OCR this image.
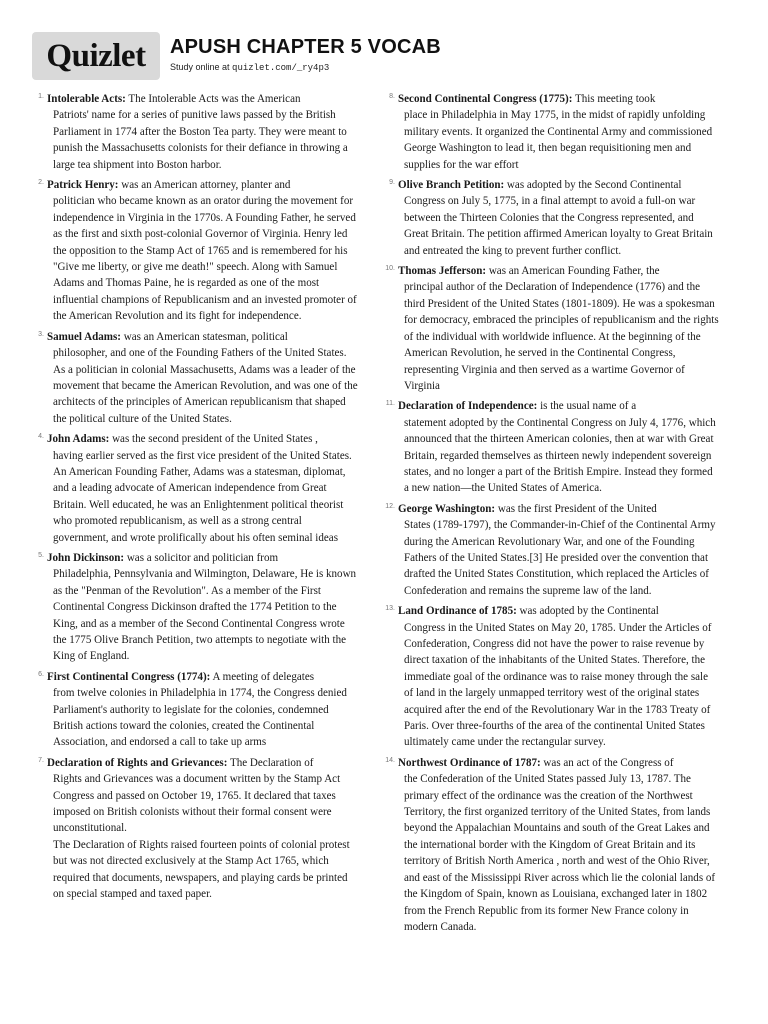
Quizlet APUSH CHAPTER 5 VOCAB
Study online at quizlet.com/_ry4p3
1. Intolerable Acts: The Intolerable Acts was the American
Patriots' name for a series of punitive laws passed by the British Parliament in 1774 after the Boston Tea party. They were meant to punish the Massachusetts colonists for their defiance in throwing a large tea shipment into Boston harbor.
2. Patrick Henry: was an American attorney, planter and
politician who became known as an orator during the movement for independence in Virginia in the 1770s. A Founding Father, he served as the first and sixth post-colonial Governor of Virginia. Henry led the opposition to the Stamp Act of 1765 and is remembered for his "Give me liberty, or give me death!" speech. Along with Samuel Adams and Thomas Paine, he is regarded as one of the most influential champions of Republicanism and an invested promoter of the American Revolution and its fight for independence.
3. Samuel Adams: was an American statesman, political
philosopher, and one of the Founding Fathers of the United States. As a politician in colonial Massachusetts, Adams was a leader of the movement that became the American Revolution, and was one of the architects of the principles of American republicanism that shaped the political culture of the United States.
4. John Adams: was the second president of the United States ,
having earlier served as the first vice president of the United States. An American Founding Father, Adams was a statesman, diplomat, and a leading advocate of American independence from Great Britain. Well educated, he was an Enlightenment political theorist who promoted republicanism, as well as a strong central government, and wrote prolifically about his often seminal ideas
5. John Dickinson: was a solicitor and politician from
Philadelphia, Pennsylvania and Wilmington, Delaware, He is known as the "Penman of the Revolution". As a member of the First Continental Congress Dickinson drafted the 1774 Petition to the King, and as a member of the Second Continental Congress wrote the 1775 Olive Branch Petition, two attempts to negotiate with the King of England.
6. First Continental Congress (1774): A meeting of delegates
from twelve colonies in Philadelphia in 1774, the Congress denied Parliament's authority to legislate for the colonies, condemned British actions toward the colonies, created the Continental Association, and endorsed a call to take up arms
7. Declaration of Rights and Grievances: The Declaration of
Rights and Grievances was a document written by the Stamp Act Congress and passed on October 19, 1765. It declared that taxes imposed on British colonists without their formal consent were unconstitutional.
The Declaration of Rights raised fourteen points of colonial protest but was not directed exclusively at the Stamp Act 1765, which required that documents, newspapers, and playing cards be printed on special stamped and taxed paper.
8. Second Continental Congress (1775): This meeting took
place in Philadelphia in May 1775, in the midst of rapidly unfolding military events. It organized the Continental Army and commissioned George Washington to lead it, then began requisitioning men and supplies for the war effort
9. Olive Branch Petition: was adopted by the Second Continental
Congress on July 5, 1775, in a final attempt to avoid a full-on war between the Thirteen Colonies that the Congress represented, and Great Britain. The petition affirmed American loyalty to Great Britain and entreated the king to prevent further conflict.
10. Thomas Jefferson: was an American Founding Father, the
principal author of the Declaration of Independence (1776) and the third President of the United States (1801-1809). He was a spokesman for democracy, embraced the principles of republicanism and the rights of the individual with worldwide influence. At the beginning of the American Revolution, he served in the Continental Congress, representing Virginia and then served as a wartime Governor of Virginia
11. Declaration of Independence: is the usual name of a
statement adopted by the Continental Congress on July 4, 1776, which announced that the thirteen American colonies, then at war with Great Britain, regarded themselves as thirteen newly independent sovereign states, and no longer a part of the British Empire. Instead they formed a new nation—the United States of America.
12. George Washington: was the first President of the United
States (1789-1797), the Commander-in-Chief of the Continental Army during the American Revolutionary War, and one of the Founding Fathers of the United States.[3] He presided over the convention that drafted the United States Constitution, which replaced the Articles of Confederation and remains the supreme law of the land.
13. Land Ordinance of 1785: was adopted by the Continental
Congress in the United States on May 20, 1785. Under the Articles of Confederation, Congress did not have the power to raise revenue by direct taxation of the inhabitants of the United States. Therefore, the immediate goal of the ordinance was to raise money through the sale of land in the largely unmapped territory west of the original states acquired after the end of the Revolutionary War in the 1783 Treaty of Paris. Over three-fourths of the area of the continental United States ultimately came under the rectangular survey.
14. Northwest Ordinance of 1787: was an act of the Congress of
the Confederation of the United States passed July 13, 1787. The primary effect of the ordinance was the creation of the Northwest Territory, the first organized territory of the United States, from lands beyond the Appalachian Mountains and south of the Great Lakes and the international border with the Kingdom of Great Britain and its territory of British North America , north and west of the Ohio River, and east of the Mississippi River across which lie the colonial lands of the Kingdom of Spain, known as Louisiana, exchanged later in 1802 from the French Republic from its former New France colony in modern Canada.
